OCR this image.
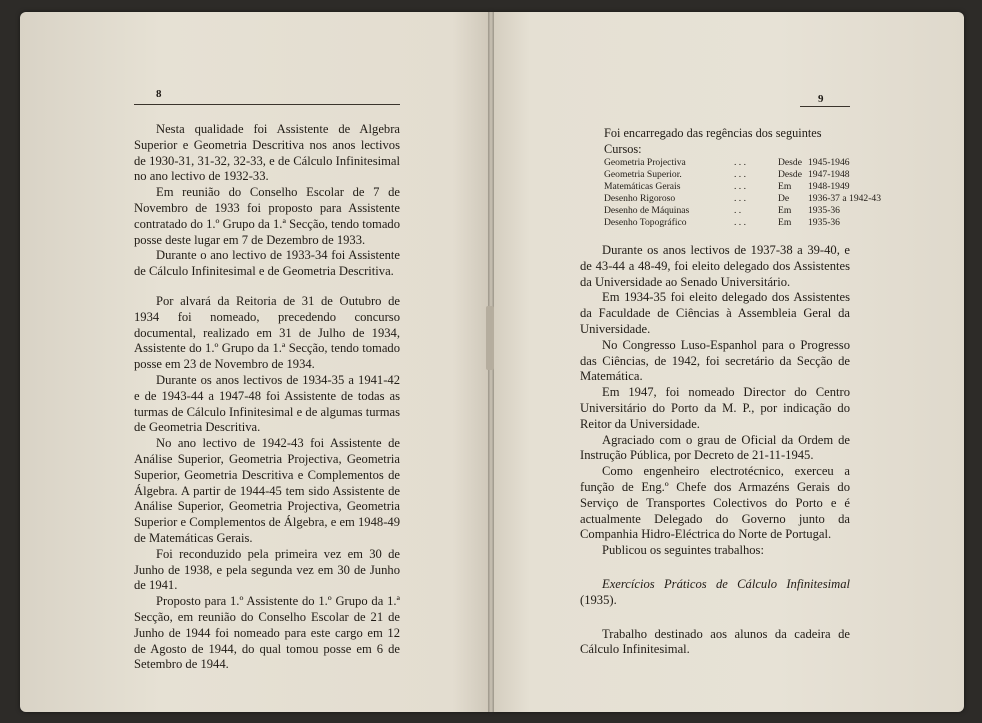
8

Nesta qualidade foi Assistente de Algebra Superior e Geometria Descritiva nos anos lectivos de 1930-31, 31-32, 32-33, e de Cálculo Infinitesimal no ano lectivo de 1932-33.

Em reunião do Conselho Escolar de 7 de Novembro de 1933 foi proposto para Assistente contratado do 1.º Grupo da 1.ª Secção, tendo tomado posse deste lugar em 7 de Dezembro de 1933.

Durante o ano lectivo de 1933-34 foi Assistente de Cálculo Infinitesimal e de Geometria Descritiva.

Por alvará da Reitoria de 31 de Outubro de 1934 foi nomeado, precedendo concurso documental, realizado em 31 de Julho de 1934, Assistente do 1.º Grupo da 1.ª Secção, tendo tomado posse em 23 de Novembro de 1934.

Durante os anos lectivos de 1934-35 a 1941-42 e de 1943-44 a 1947-48 foi Assistente de todas as turmas de Cálculo Infinitesimal e de algumas turmas de Geometria Descritiva.

No ano lectivo de 1942-43 foi Assistente de Análise Superior, Geometria Projectiva, Geometria Superior, Geometria Descritiva e Complementos de Álgebra. A partir de 1944-45 tem sido Assistente de Análise Superior, Geometria Projectiva, Geometria Superior e Complementos de Álgebra, e em 1948-49 de Matemáticas Gerais.

Foi reconduzido pela primeira vez em 30 de Junho de 1938, e pela segunda vez em 30 de Junho de 1941.

Proposto para 1.º Assistente do 1.º Grupo da 1.ª Secção, em reunião do Conselho Escolar de 21 de Junho de 1944 foi nomeado para este cargo em 12 de Agosto de 1944, do qual tomou posse em 6 de Setembro de 1944.

9
Foi encarregado das regências dos seguintes Cursos:
Geometria Projectiva	. . .	Desde	1945-1946
Geometria Superior.	. . .	Desde	1947-1948
Matemáticas Gerais	. . .	Em	1948-1949
Desenho Rigoroso	. . .	De	1936-37 a 1942-43
Desenho de Máquinas	. .	Em	1935-36
Desenho Topográfico	. . .	Em	1935-36

Durante os anos lectivos de 1937-38 a 39-40, e de 43-44 a 48-49, foi eleito delegado dos Assistentes da Universidade ao Senado Universitário.

Em 1934-35 foi eleito delegado dos Assistentes da Faculdade de Ciências à Assembleia Geral da Universidade.

No Congresso Luso-Espanhol para o Progresso das Ciências, de 1942, foi secretário da Secção de Matemática.

Em 1947, foi nomeado Director do Centro Universitário do Porto da M. P., por indicação do Reitor da Universidade.

Agraciado com o grau de Oficial da Ordem de Instrução Pública, por Decreto de 21-11-1945.

Como engenheiro electrotécnico, exerceu a função de Eng.º Chefe dos Armazéns Gerais do Serviço de Transportes Colectivos do Porto e é actualmente Delegado do Governo junto da Companhia Hidro-Eléctrica do Norte de Portugal.

Publicou os seguintes trabalhos:

Exercícios Práticos de Cálculo Infinitesimal (1935).

Trabalho destinado aos alunos da cadeira de Cálculo Infinitesimal.
